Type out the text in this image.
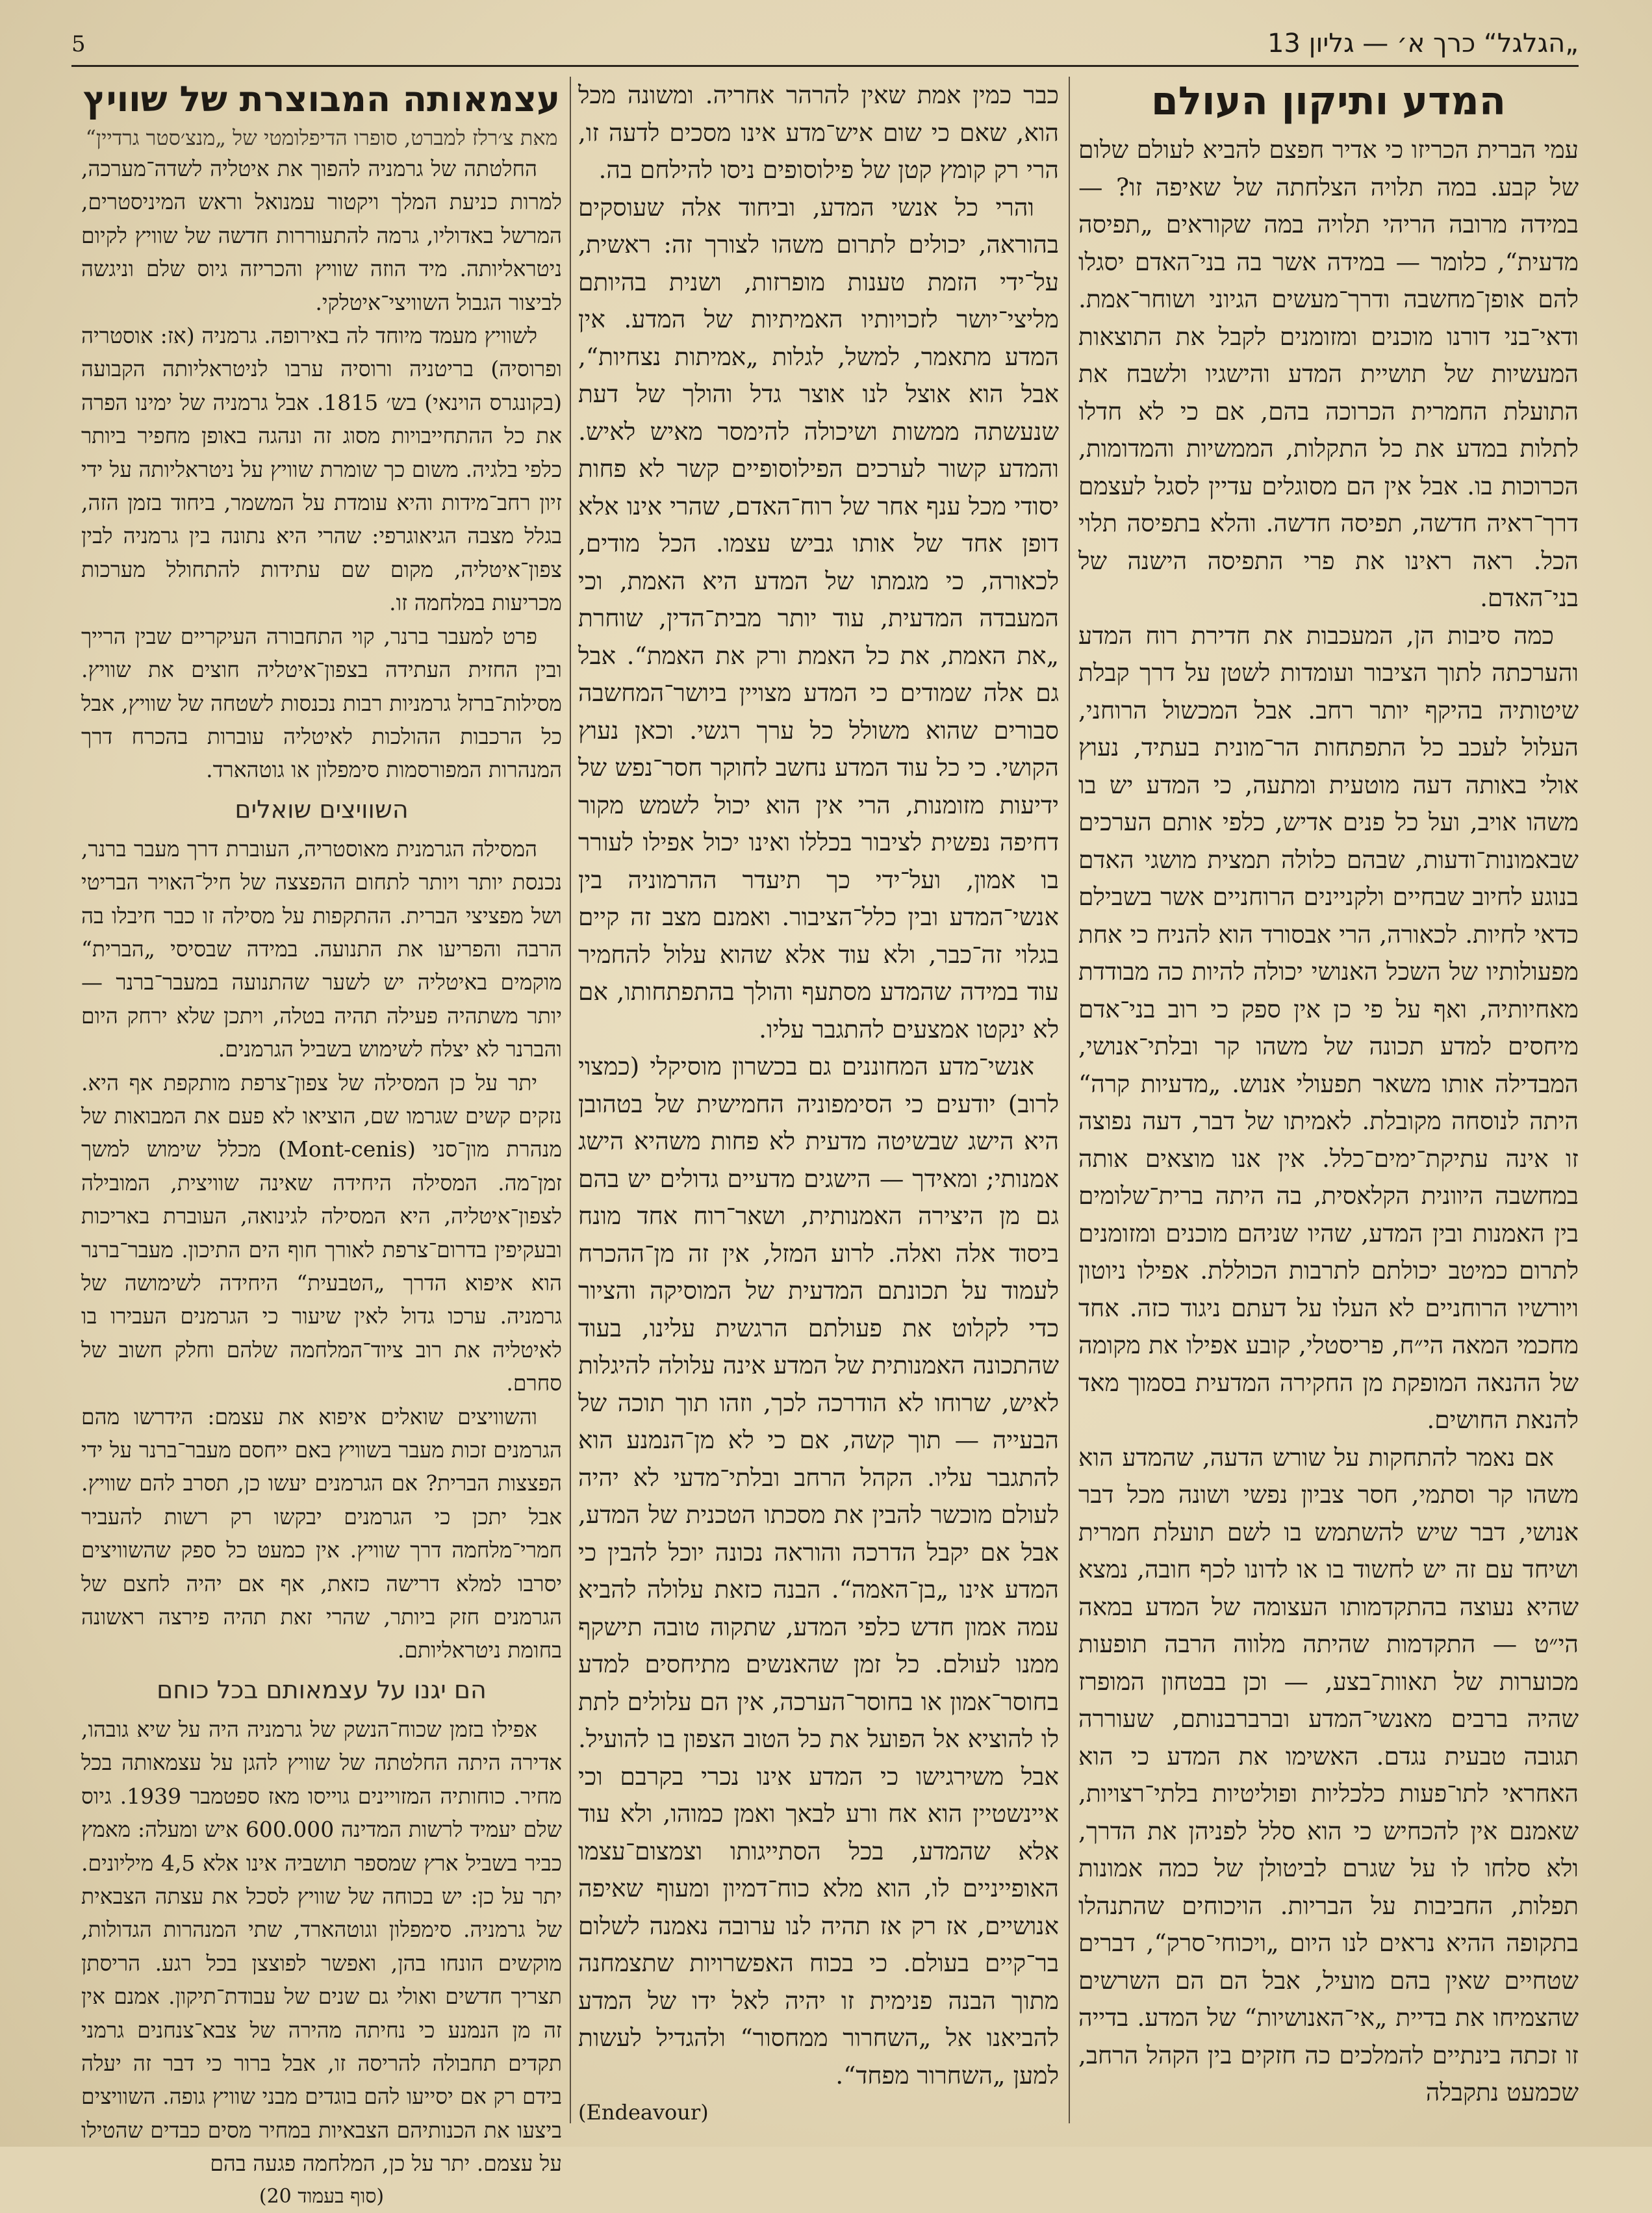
5	„הגלגל“ כרך א׳ — גליון 13
המדע ותיקון העולם

עמי הברית הכריזו כי אדיר חפצם להביא לעולם שלום של קבע. במה תלויה הצלחתה של שאיפה זו? — במידה מרובה הריהי תלויה במה שקוראים „תפיסה מדעית“, כלומר — במידה אשר בה בני־האדם יסגלו להם אופן־מחשבה ודרך־מעשים הגיוני ושוחר־אמת. ודאי־בני דורנו מוכנים ומזומנים לקבל את התוצאות המעשיות של תושיית המדע והישגיו ולשבח את התועלת החמרית הכרוכה בהם, אם כי לא חדלו לתלות במדע את כל התקלות, הממשיות והמדומות, הכרוכות בו. אבל אין הם מסוגלים עדיין לסגל לעצמם דרך־ראיה חדשה, תפיסה חדשה. והלא בתפיסה תלוי הכל. ראה ראינו את פרי התפיסה הישנה של בני־האדם.

כמה סיבות הן, המעכבות את חדירת רוח המדע והערכתה לתוך הציבור ועומדות לשטן על דרך קבלת שיטותיה בהיקף יותר רחב. אבל המכשול הרוחני, העלול לעכב כל התפתחות הר־מונית בעתיד, נעוץ אולי באותה דעה מוטעית ומתעה, כי המדע יש בו משהו אויב, ועל כל פנים אדיש, כלפי אותם הערכים שבאמונות־ודעות, שבהם כלולה תמצית מושגי האדם בנוגע לחיוב שבחיים ולקניינים הרוחניים אשר בשבילם כדאי לחיות. לכאורה, הרי אבסורד הוא להניח כי אחת מפעולותיו של השכל האנושי יכולה להיות כה מבודדת מאחיותיה, ואף על פי כן אין ספק כי רוב בני־אדם מיחסים למדע תכונה של משהו קר ובלתי־אנושי, המבדילה אותו משאר תפעולי אנוש. „מדעיות קרה“ היתה לנוסחה מקובלת. לאמיתו של דבר, דעה נפוצה זו אינה עתיקת־ימים־כלל. אין אנו מוצאים אותה במחשבה היוונית הקלאסית, בה היתה ברית־שלומים בין האמנות ובין המדע, שהיו שניהם מוכנים ומזומנים לתרום כמיטב יכולתם לתרבות הכוללת. אפילו ניוטון ויורשיו הרוחניים לא העלו על דעתם ניגוד כזה. אחד מחכמי המאה הי״ח, פריסטלי, קובע אפילו את מקומה של ההנאה המופקת מן החקירה המדעית בסמוך מאד להנאת החושים.

אם נאמר להתחקות על שורש הדעה, שהמדע הוא משהו קר וסתמי, חסר צביון נפשי ושונה מכל דבר אנושי, דבר שיש להשתמש בו לשם תועלת חמרית ושיחד עם זה יש לחשוד בו או לדונו לכף חובה, נמצא שהיא נעוצה בהתקדמותו העצומה של המדע במאה הי״ט — התקדמות שהיתה מלווה הרבה תופעות מכוערות של תאוות־בצע, — וכן בבטחון המופרז שהיה ברבים מאנשי־המדע וברברבנותם, שעוררה תגובה טבעית נגדם. האשימו את המדע כי הוא האחראי לתו־פעות כלכליות ופוליטיות בלתי־רצויות, שאמנם אין להכחיש כי הוא סלל לפניהן את הדרך, ולא סלחו לו על שגרם לביטולן של כמה אמונות תפלות, החביבות על הבריות. הויכוחים שהתנהלו בתקופה ההיא נראים לנו היום „ויכוחי־סרק“, דברים שטחיים שאין בהם מועיל, אבל הם הם השרשים שהצמיחו את בדיית „אי־האנושיות“ של המדע. בדייה זו זכתה בינתיים להמלכים כה חזקים בין הקהל הרחב, שכמעט נתקבלה

כבר כמין אמת שאין להרהר אחריה. ומשונה מכל הוא, שאם כי שום איש־מדע אינו מסכים לדעה זו, הרי רק קומץ קטן של פילוסופים ניסו להילחם בה.

והרי כל אנשי המדע, וביחוד אלה שעוסקים בהוראה, יכולים לתרום משהו לצורך זה: ראשית, על־ידי הזמת טענות מופרזות, ושנית בהיותם מליצי־יושר לזכויותיו האמיתיות של המדע. אין המדע מתאמר, למשל, לגלות „אמיתות נצחיות“, אבל הוא אוצל לנו אוצר גדל והולך של דעת שנעשתה ממשות ושיכולה להימסר מאיש לאיש. והמדע קשור לערכים הפילוסופיים קשר לא פחות יסודי מכל ענף אחר של רוח־האדם, שהרי אינו אלא דופן אחד של אותו גביש עצמו. הכל מודים, לכאורה, כי מגמתו של המדע היא האמת, וכי המעבדה המדעית, עוד יותר מבית־הדין, שוחרת „את האמת, את כל האמת ורק את האמת“. אבל גם אלה שמודים כי המדע מצויין ביושר־המחשבה סבורים שהוא משולל כל ערך רגשי. וכאן נעוץ הקושי. כי כל עוד המדע נחשב לחוקר חסר־נפש של ידיעות מזומנות, הרי אין הוא יכול לשמש מקור דחיפה נפשית לציבור בכללו ואינו יכול אפילו לעורר בו אמון, ועל־ידי כך תיעדר ההרמוניה בין אנשי־המדע ובין כלל־הציבור. ואמנם מצב זה קיים בגלוי זה־כבר, ולא עוד אלא שהוא עלול להחמיר עוד במידה שהמדע מסתעף והולך בהתפתחותו, אם לא ינקטו אמצעים להתגבר עליו.

אנשי־מדע המחוננים גם בכשרון מוסיקלי (כמצוי לרוב) יודעים כי הסימפוניה החמישית של בטהובן היא הישג שבשיטה מדעית לא פחות משהיא הישג אמנותי; ומאידך — הישגים מדעיים גדולים יש בהם גם מן היצירה האמנותית, ושאר־רוח אחד מונח ביסוד אלה ואלה. לרוע המזל, אין זה מן־ההכרח לעמוד על תכונתם המדעית של המוסיקה והציור כדי לקלוט את פעולתם הרגשית עלינו, בעוד שהתכונה האמנותית של המדע אינה עלולה להיגלות לאיש, שרוחו לא הודרכה לכך, וזהו תוך תוכה של הבעייה — תוך קשה, אם כי לא מן־הנמנע הוא להתגבר עליו. הקהל הרחב ובלתי־מדעי לא יהיה לעולם מוכשר להבין את מסכתו הטכנית של המדע, אבל אם יקבל הדרכה והוראה נכונה יוכל להבין כי המדע אינו „בן־האמה“. הבנה כזאת עלולה להביא עמה אמון חדש כלפי המדע, שתקוה טובה תישקף ממנו לעולם. כל זמן שהאנשים מתיחסים למדע בחוסר־אמון או בחוסר־הערכה, אין הם עלולים לתת לו להוציא אל הפועל את כל הטוב הצפון בו להועיל. אבל משירגישו כי המדע אינו נכרי בקרבם וכי איינשטיין הוא אח ורע לבאך ואמן כמוהו, ולא עוד אלא שהמדע, בכל הסתייגותו וצמצום־עצמו האופייניים לו, הוא מלא כוח־דמיון ומעוף שאיפה אנושיים, אז רק אז תהיה לנו ערובה נאמנה לשלום בר־קיים בעולם. כי בכוח האפשרויות שתצמחנה מתוך הבנה פנימית זו יהיה לאל ידו של המדע להביאנו אל „השחרור ממחסור“ ולהגדיל לעשות למען „השחרור מפחד“.

(Endeavour)

עצמאותה המבוצרת של שוויץ

מאת צ׳רלז למברט, סופרו הדיפלומטי של „מנצ׳סטר גרדיין“

החלטתה של גרמניה להפוך את איטליה לשדה־מערכה, למרות כניעת המלך ויקטור עמנואל וראש המיניסטרים, המרשל באדוליו, גרמה להתעוררות חדשה של שוויץ לקיום ניטראליותה. מיד הוזה שוויץ והכריזה גיוס שלם וניגשה לביצור הגבול השוויצי־איטלקי.

לשוויץ מעמד מיוחד לה באירופה. גרמניה (אז: אוסטריה ופרוסיה) בריטניה ורוסיה ערבו לניטראליותה הקבועה (בקונגרס הוינאי) בש׳ 1815. אבל גרמניה של ימינו הפרה את כל ההתחייבויות מסוג זה ונהגה באופן מחפיר ביותר כלפי בלגיה. משום כך שומרת שוויץ על ניטראליותה על ידי זיון רחב־מידות והיא עומדת על המשמר, ביחוד בזמן הזה, בגלל מצבה הגיאוגרפי: שהרי היא נתונה בין גרמניה לבין צפון־איטליה, מקום שם עתידות להתחולל מערכות מכריעות במלחמה זו.

פרט למעבר ברנר, קוי התחבורה העיקריים שבין הרייך ובין החזית העתידה בצפון־איטליה חוצים את שוויץ. מסילות־ברזל גרמניות רבות נכנסות לשטחה של שוויץ, אבל כל הרכבות ההולכות לאיטליה עוברות בהכרח דרך המנהרות המפורסמות סימפלון או גוטהארד.

השוויצים שואלים

המסילה הגרמנית מאוסטריה, העוברת דרך מעבר ברנר, נכנסת יותר ויותר לתחום ההפצצה של חיל־האויר הבריטי ושל מפציצי הברית. ההתקפות על מסילה זו כבר חיבלו בה הרבה והפריעו את התנועה. במידה שבסיסי „הברית“ מוקמים באיטליה יש לשער שהתנועה במעבר־ברנר — יותר משתהיה פעילה תהיה בטלה, ויתכן שלא ירחק היום והברנר לא יצלח לשימוש בשביל הגרמנים.

יתר על כן המסילה של צפון־צרפת מותקפת אף היא. נזקים קשים שגרמו שם, הוציאו לא פעם את המבואות של מנהרת מון־סני (Mont-cenis) מכלל שימוש למשך זמן־מה. המסילה היחידה שאינה שוויצית, המובילה לצפון־איטליה, היא המסילה לגינואה, העוברת באריכות ובעקיפין בדרום־צרפת לאורך חוף הים התיכון. מעבר־ברנר הוא איפוא הדרך „הטבעית“ היחידה לשימושה של גרמניה. ערכו גדול לאין שיעור כי הגרמנים העבירו בו לאיטליה את רוב ציוד־המלחמה שלהם וחלק חשוב של סחרם.

והשוויצים שואלים איפוא את עצמם: הידרשו מהם הגרמנים זכות מעבר בשוויץ באם ייחסם מעבר־ברנר על ידי הפצצות הברית? אם הגרמנים יעשו כן, תסרב להם שוויץ. אבל יתכן כי הגרמנים יבקשו רק רשות להעביר חמרי־מלחמה דרך שוויץ. אין כמעט כל ספק שהשוויצים יסרבו למלא דרישה כזאת, אף אם יהיה לחצם של הגרמנים חזק ביותר, שהרי זאת תהיה פירצה ראשונה בחומת ניטראליותם.

הם יגנו על עצמאותם בכל כוחם

אפילו בזמן שכוח־הנשק של גרמניה היה על שיא גובהו, אדירה היתה החלטתה של שוויץ להגן על עצמאותה בכל מחיר. כוחותיה המזויינים גוייסו מאז ספטמבר 1939. גיוס שלם יעמיד לרשות המדינה 600.000 איש ומעלה: מאמץ כביר בשביל ארץ שמספר תושביה אינו אלא 4,5 מיליונים. יתר על כן: יש בכוחה של שוויץ לסכל את עצתה הצבאית של גרמניה. סימפלון וגוטהארד, שתי המנהרות הגדולות, מוקשים הונחו בהן, ואפשר לפוצצן בכל רגע. הריסתן תצריך חדשים ואולי גם שנים של עבודת־תיקון. אמנם אין זה מן הנמנע כי נחיתה מהירה של צבא־צנחנים גרמני תקדים תחבולה להריסה זו, אבל ברור כי דבר זה יעלה בידם רק אם יסייעו להם בוגדים מבני שוויץ גופה. השוויצים ביצעו את הכנותיהם הצבאיות במחיר מסים כבדים שהטילו על עצמם. יתר על כן, המלחמה פגעה בהם

(סוף בעמוד 20)
